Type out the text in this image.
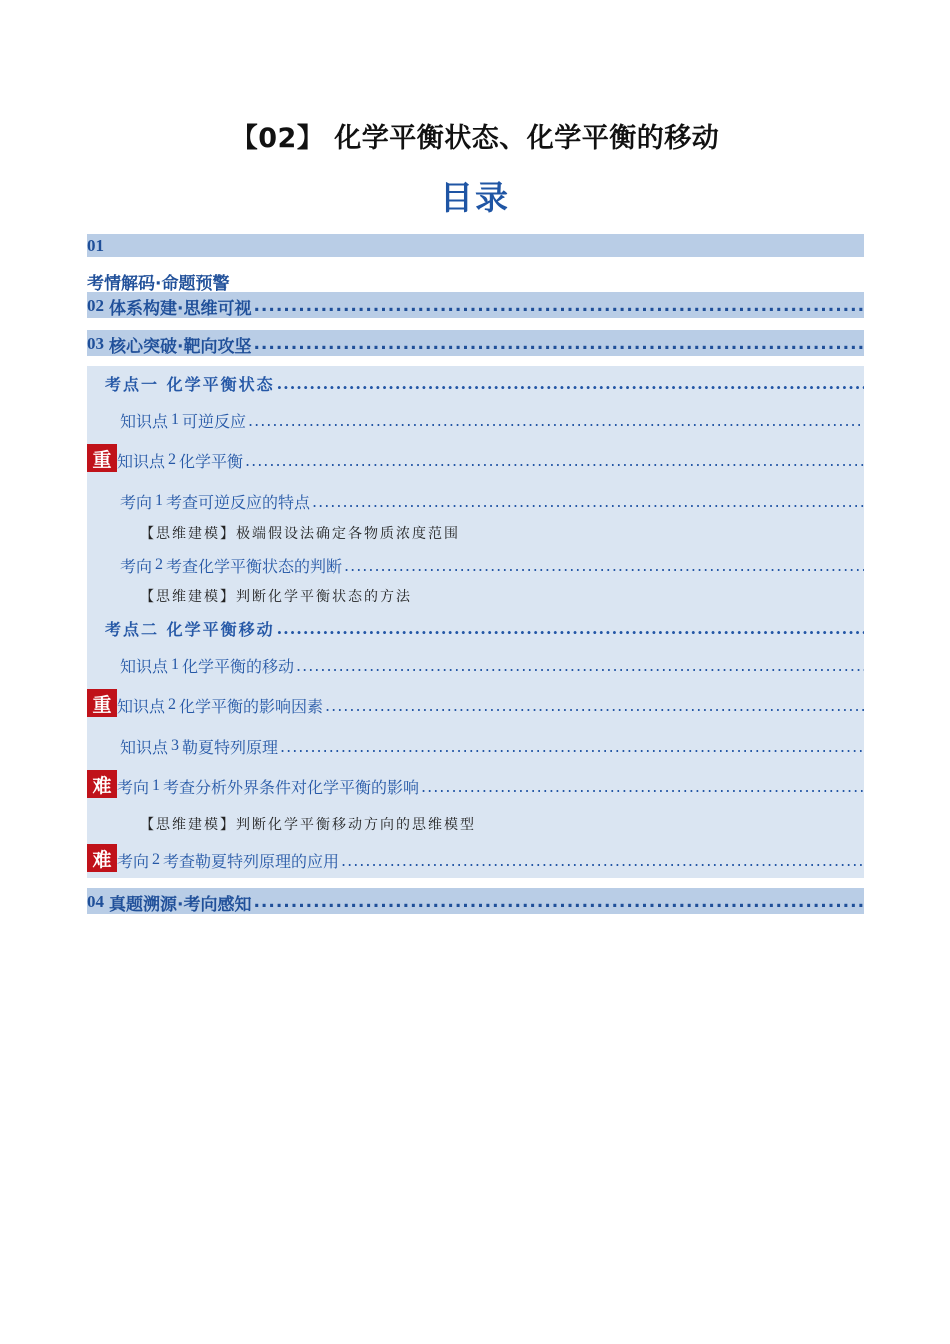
【02】 化学平衡状态、化学平衡的移动
目录
01
考情解码·命题预警
02 体系构建·思维可视
.....
03 核心突破·靶向攻坚
.....
考点一 化学平衡状态
.....
知识点 1 可逆反应
.....
重 知识点 2 化学平衡
.....
考向 1 考查可逆反应的特点
.....
【思维建模】极端假设法确定各物质浓度范围
考向 2 考查化学平衡状态的判断
.....
【思维建模】判断化学平衡状态的方法
考点二 化学平衡移动
.....
知识点 1 化学平衡的移动
.....
重 知识点 2 化学平衡的影响因素
.....
知识点 3 勒夏特列原理
.....
难 考向 1 考查分析外界条件对化学平衡的影响
.....
【思维建模】判断化学平衡移动方向的思维模型
难 考向 2 考查勒夏特列原理的应用
.....
04 真题溯源·考向感知
.....
